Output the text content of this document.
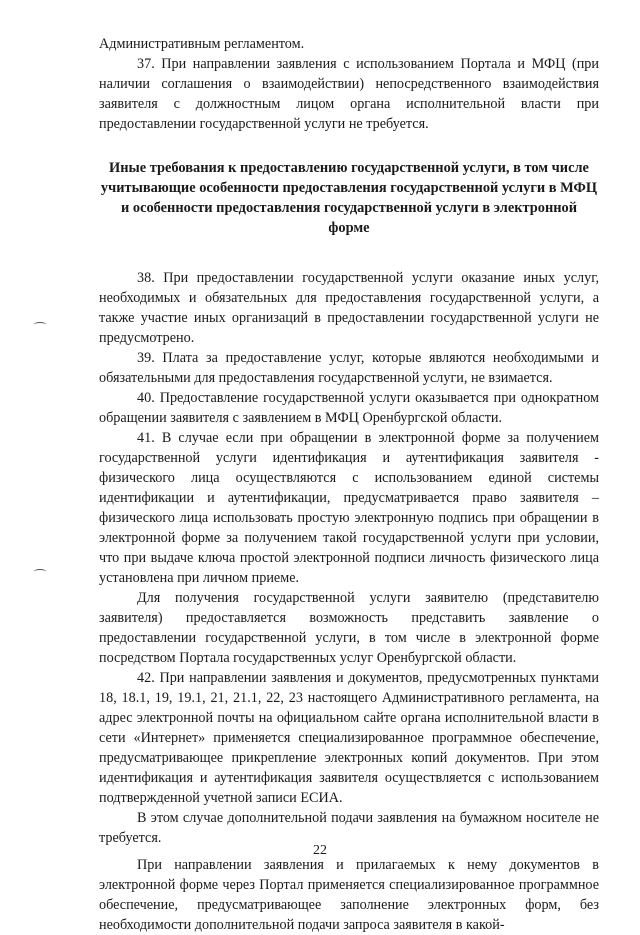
Административным регламентом.

37. При направлении заявления с использованием Портала и МФЦ (при наличии соглашения о взаимодействии) непосредственного взаимодействия заявителя с должностным лицом органа исполнительной власти при предоставлении государственной услуги не требуется.

Иные требования к предоставлению государственной услуги, в том числе учитывающие особенности предоставления государственной услуги в МФЦ и особенности предоставления государственной услуги в электронной форме

38. При предоставлении государственной услуги оказание иных услуг, необходимых и обязательных для предоставления государственной услуги, а также участие иных организаций в предоставлении государственной услуги не предусмотрено.

39. Плата за предоставление услуг, которые являются необходимыми и обязательными для предоставления государственной услуги, не взимается.

40. Предоставление государственной услуги оказывается при однократном обращении заявителя с заявлением в МФЦ Оренбургской области.

41. В случае если при обращении в электронной форме за получением государственной услуги идентификация и аутентификация заявителя - физического лица осуществляются с использованием единой системы идентификации и аутентификации, предусматривается право заявителя – физического лица использовать простую электронную подпись при обращении в электронной форме за получением такой государственной услуги при условии, что при выдаче ключа простой электронной подписи личность физического лица установлена при личном приеме.

Для получения государственной услуги заявителю (представителю заявителя) предоставляется возможность представить заявление о предоставлении государственной услуги, в том числе в электронной форме посредством Портала государственных услуг Оренбургской области.

42. При направлении заявления и документов, предусмотренных пунктами 18, 18.1, 19, 19.1, 21, 21.1, 22, 23 настоящего Административного регламента, на адрес электронной почты на официальном сайте органа исполнительной власти в сети «Интернет» применяется специализированное программное обеспечение, предусматривающее прикрепление электронных копий документов. При этом идентификация и аутентификация заявителя осуществляется с использованием подтвержденной учетной записи ЕСИА.

В этом случае дополнительной подачи заявления на бумажном носителе не требуется.

При направлении заявления и прилагаемых к нему документов в электронной форме через Портал применяется специализированное программное обеспечение, предусматривающее заполнение электронных форм, без необходимости дополнительной подачи запроса заявителя в какой-

22
